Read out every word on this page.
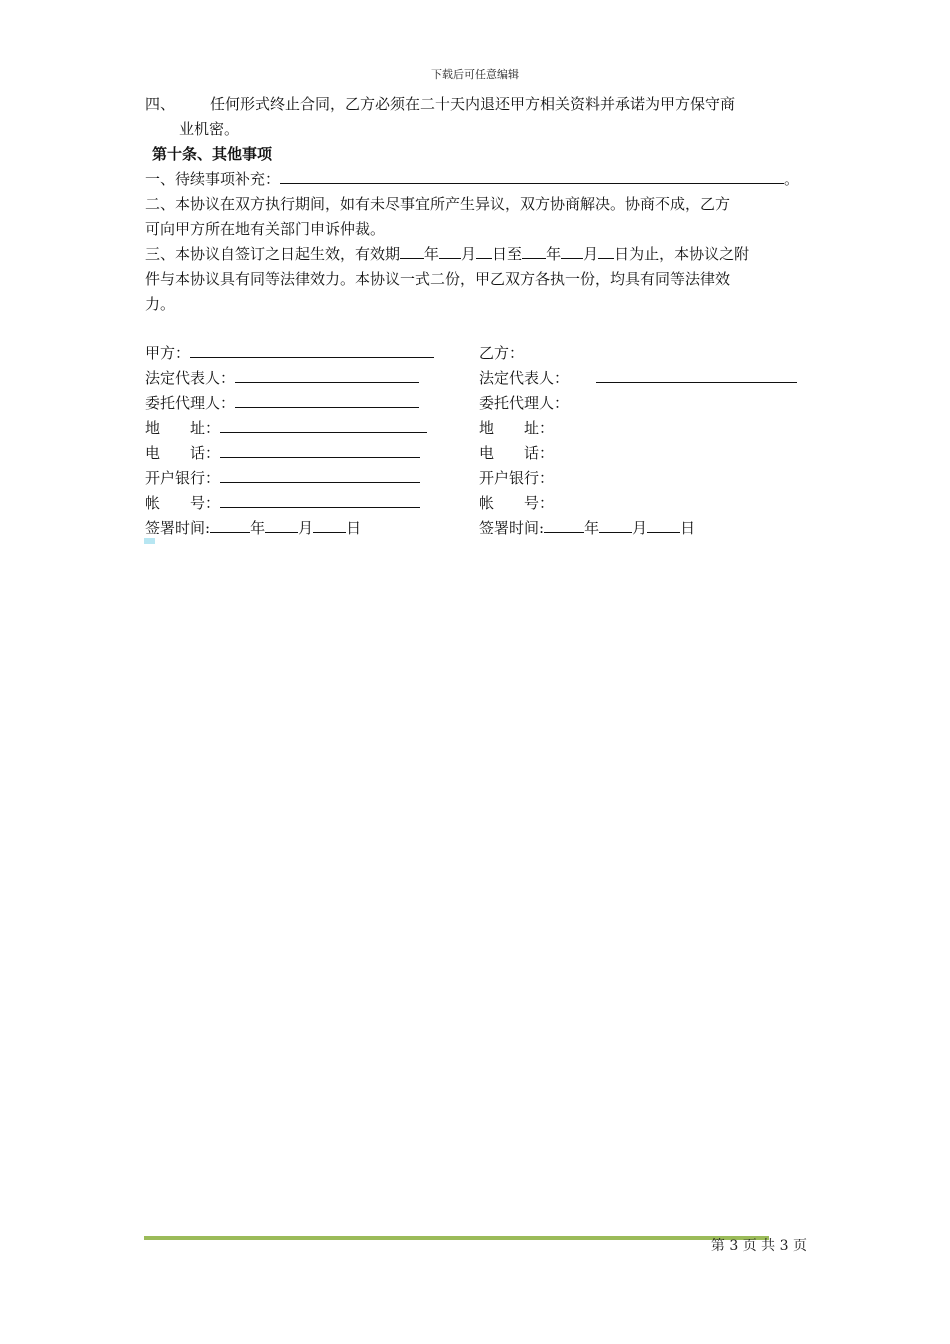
下载后可任意编辑
四、	任何形式终止合同，乙方必须在二十天内退还甲方相关资料并承诺为甲方保守商

业机密。

第十条、其他事项

一、待续事项补充：	。

二、本协议在双方执行期间，如有未尽事宜所产生异议，双方协商解决。协商不成，乙方

可向甲方所在地有关部门申诉仲裁。

三、本协议自签订之日起生效，有效期 年 月 日至 年 月 日为止，本协议之附

件与本协议具有同等法律效力。本协议一式二份，甲乙双方各执一份，均具有同等法律效

力。

甲方：	乙方：
法定代表人：	法定代表人：
委托代理人：	委托代理人：
地　　址：	地　　址：
电　　话：	电　　话：
开户银行：	开户银行：
帐　　号：	帐　　号：
签署时间:	年 月 日	签署时间:	年 月 日
第 3 页 共 3 页
